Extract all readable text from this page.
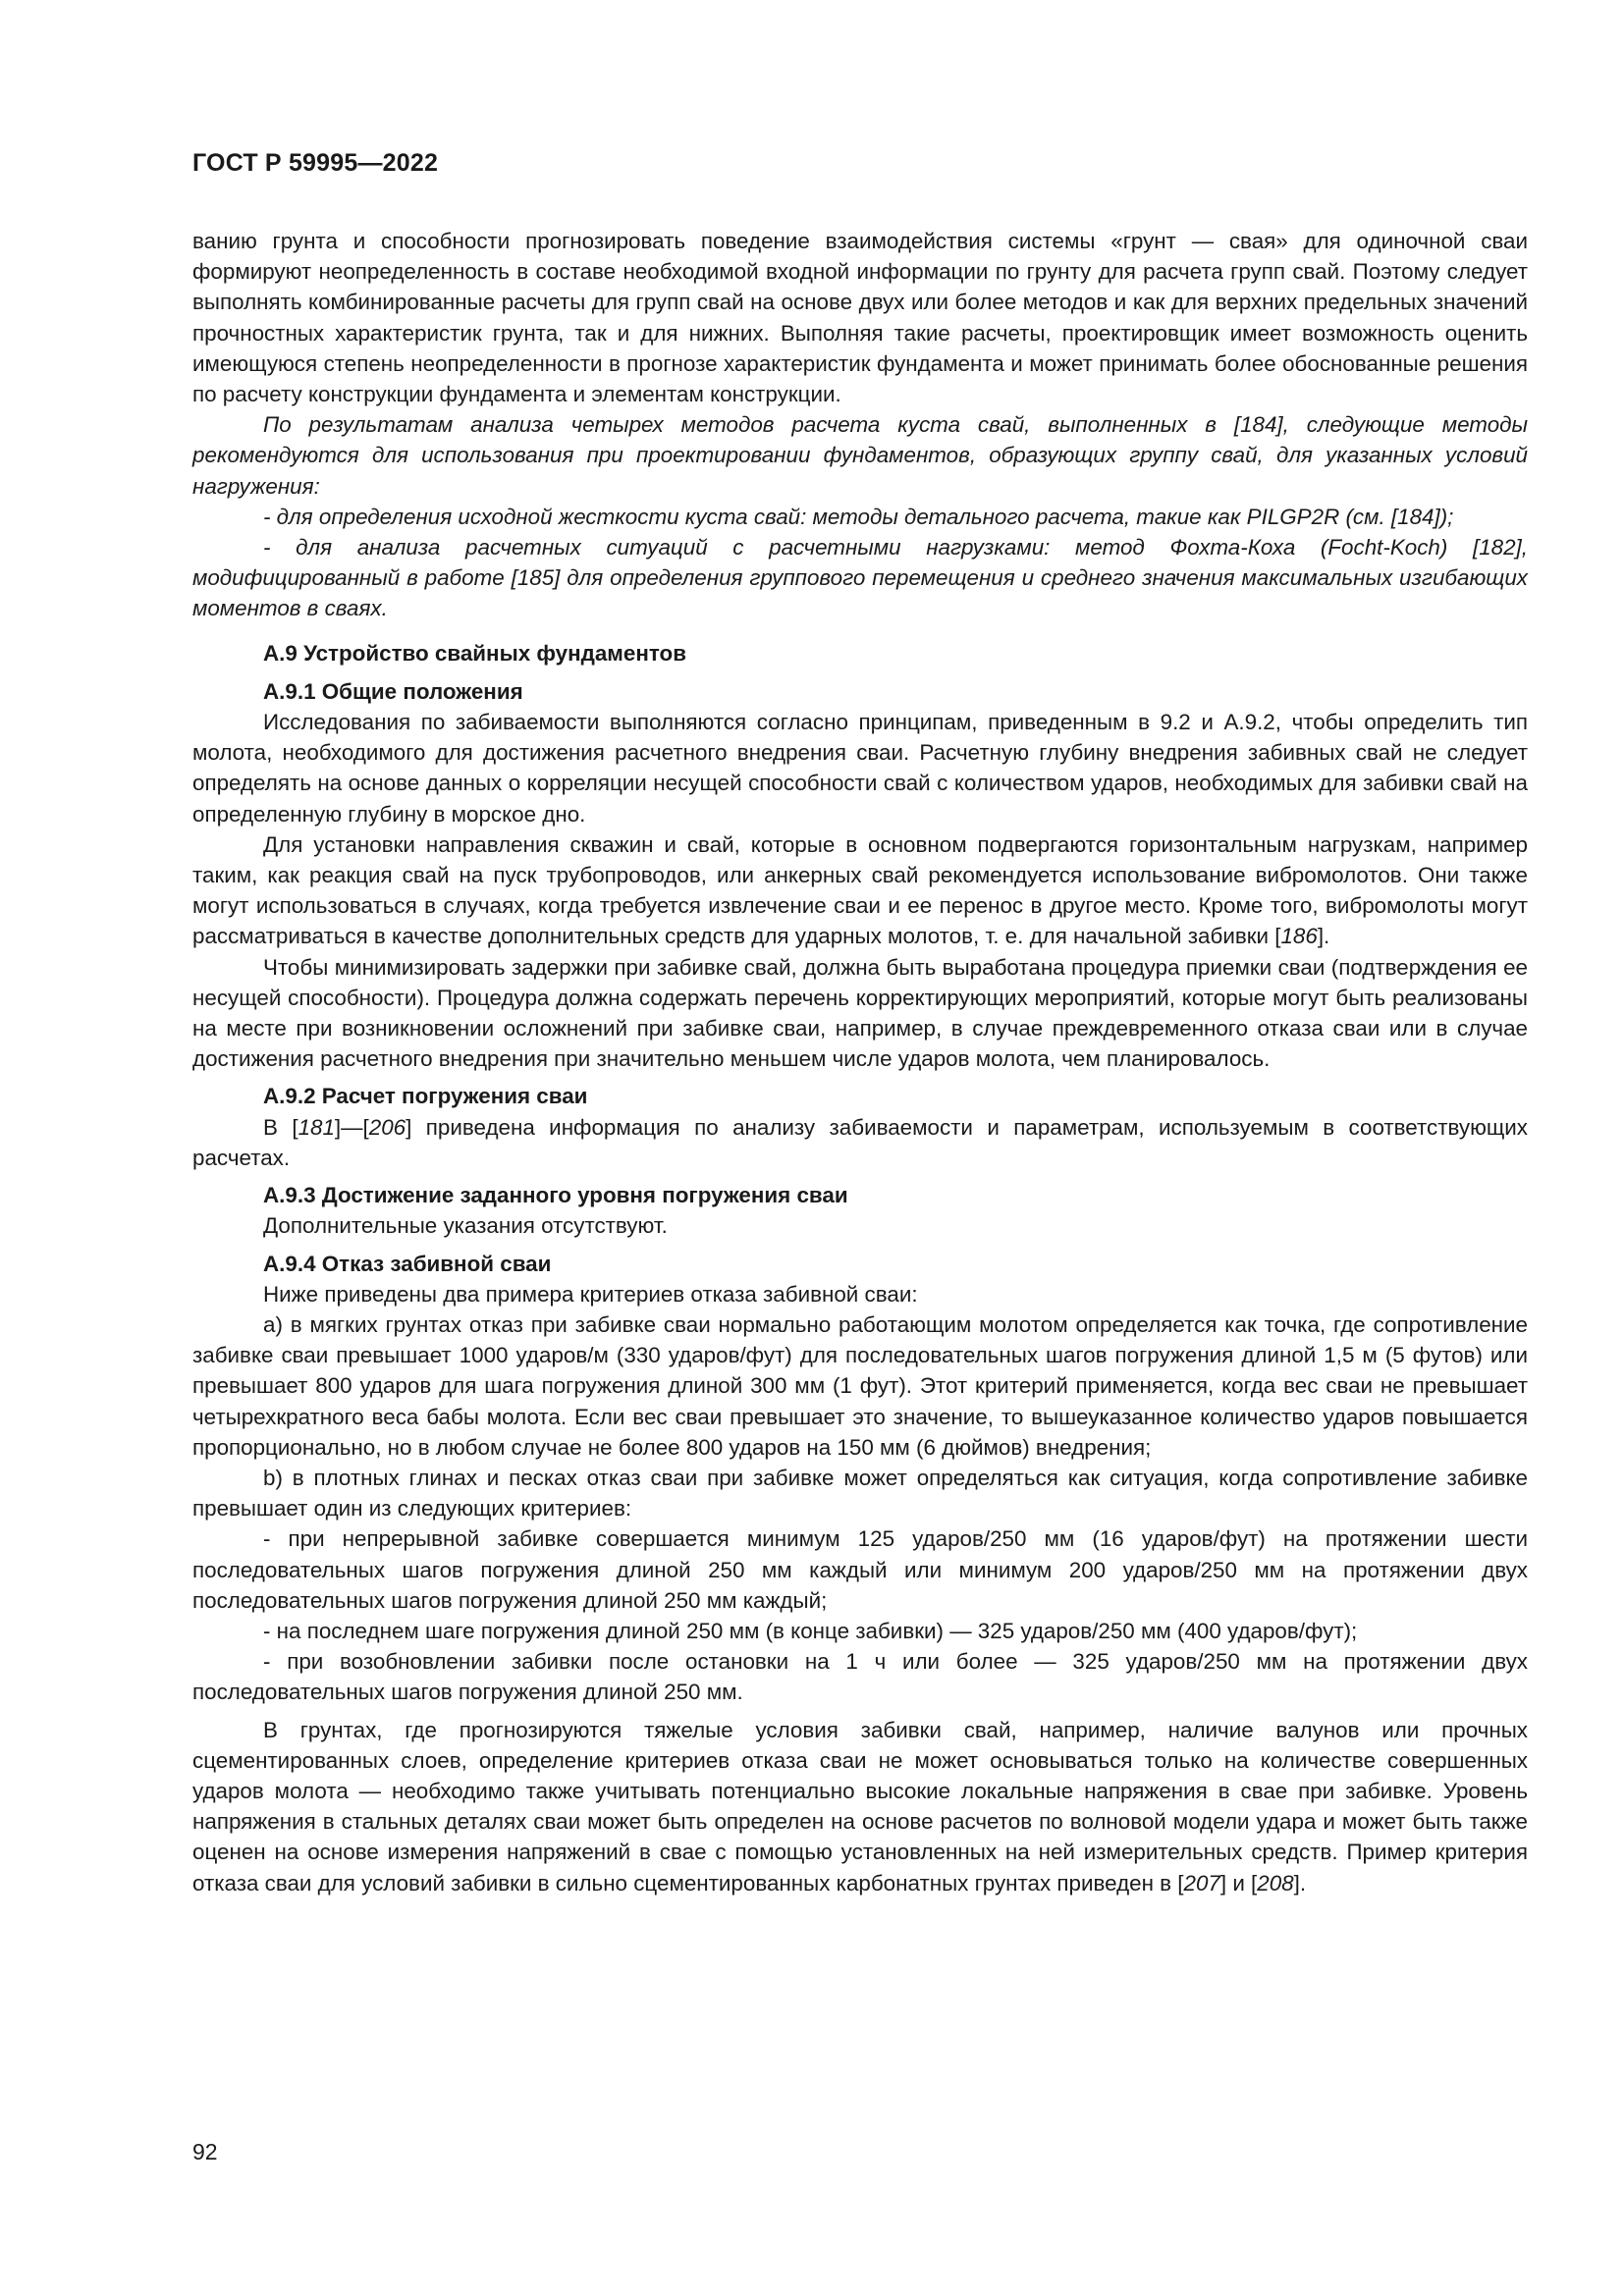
ГОСТ Р 59995—2022

ванию грунта и способности прогнозировать поведение взаимодействия системы «грунт — свая» для одиночной сваи формируют неопределенность в составе необходимой входной информации по грунту для расчета групп свай. Поэтому следует выполнять комбинированные расчеты для групп свай на основе двух или более методов и как для верхних предельных значений прочностных характеристик грунта, так и для нижних. Выполняя такие расчеты, проектировщик имеет возможность оценить имеющуюся степень неопределенности в прогнозе характеристик фундамента и может принимать более обоснованные решения по расчету конструкции фундамента и элементам конструкции.

По результатам анализа четырех методов расчета куста свай, выполненных в [184], следующие методы рекомендуются для использования при проектировании фундаментов, образующих группу свай, для указанных условий нагружения:

- для определения исходной жесткости куста свай: методы детального расчета, такие как PILGP2R (см. [184]);

- для анализа расчетных ситуаций с расчетными нагрузками: метод Фохта-Коха (Focht-Koch) [182], модифицированный в работе [185] для определения группового перемещения и среднего значения максимальных изгибающих моментов в сваях.

А.9 Устройство свайных фундаментов

А.9.1 Общие положения

Исследования по забиваемости выполняются согласно принципам, приведенным в 9.2 и А.9.2, чтобы определить тип молота, необходимого для достижения расчетного внедрения сваи. Расчетную глубину внедрения забивных свай не следует определять на основе данных о корреляции несущей способности свай с количеством ударов, необходимых для забивки свай на определенную глубину в морское дно.

Для установки направления скважин и свай, которые в основном подвергаются горизонтальным нагрузкам, например таким, как реакция свай на пуск трубопроводов, или анкерных свай рекомендуется использование вибромолотов. Они также могут использоваться в случаях, когда требуется извлечение сваи и ее перенос в другое место. Кроме того, вибромолоты могут рассматриваться в качестве дополнительных средств для ударных молотов, т. е. для начальной забивки [186].

Чтобы минимизировать задержки при забивке свай, должна быть выработана процедура приемки сваи (подтверждения ее несущей способности). Процедура должна содержать перечень корректирующих мероприятий, которые могут быть реализованы на месте при возникновении осложнений при забивке сваи, например, в случае преждевременного отказа сваи или в случае достижения расчетного внедрения при значительно меньшем числе ударов молота, чем планировалось.

А.9.2 Расчет погружения сваи

В [181]—[206] приведена информация по анализу забиваемости и параметрам, используемым в соответствующих расчетах.

А.9.3 Достижение заданного уровня погружения сваи

Дополнительные указания отсутствуют.

А.9.4 Отказ забивной сваи

Ниже приведены два примера критериев отказа забивной сваи:

а) в мягких грунтах отказ при забивке сваи нормально работающим молотом определяется как точка, где сопротивление забивке сваи превышает 1000 ударов/м (330 ударов/фут) для последовательных шагов погружения длиной 1,5 м (5 футов) или превышает 800 ударов для шага погружения длиной 300 мм (1 фут). Этот критерий применяется, когда вес сваи не превышает четырехкратного веса бабы молота. Если вес сваи превышает это значение, то вышеуказанное количество ударов повышается пропорционально, но в любом случае не более 800 ударов на 150 мм (6 дюймов) внедрения;

b) в плотных глинах и песках отказ сваи при забивке может определяться как ситуация, когда сопротивление забивке превышает один из следующих критериев:

- при непрерывной забивке совершается минимум 125 ударов/250 мм (16 ударов/фут) на протяжении шести последовательных шагов погружения длиной 250 мм каждый или минимум 200 ударов/250 мм на протяжении двух последовательных шагов погружения длиной 250 мм каждый;

- на последнем шаге погружения длиной 250 мм (в конце забивки) — 325 ударов/250 мм (400 ударов/фут);

- при возобновлении забивки после остановки на 1 ч или более — 325 ударов/250 мм на протяжении двух последовательных шагов погружения длиной 250 мм.

В грунтах, где прогнозируются тяжелые условия забивки свай, например, наличие валунов или прочных сцементированных слоев, определение критериев отказа сваи не может основываться только на количестве совершенных ударов молота — необходимо также учитывать потенциально высокие локальные напряжения в свае при забивке. Уровень напряжения в стальных деталях сваи может быть определен на основе расчетов по волновой модели удара и может быть также оценен на основе измерения напряжений в свае с помощью установленных на ней измерительных средств. Пример критерия отказа сваи для условий забивки в сильно сцементированных карбонатных грунтах приведен в [207] и [208].

92
